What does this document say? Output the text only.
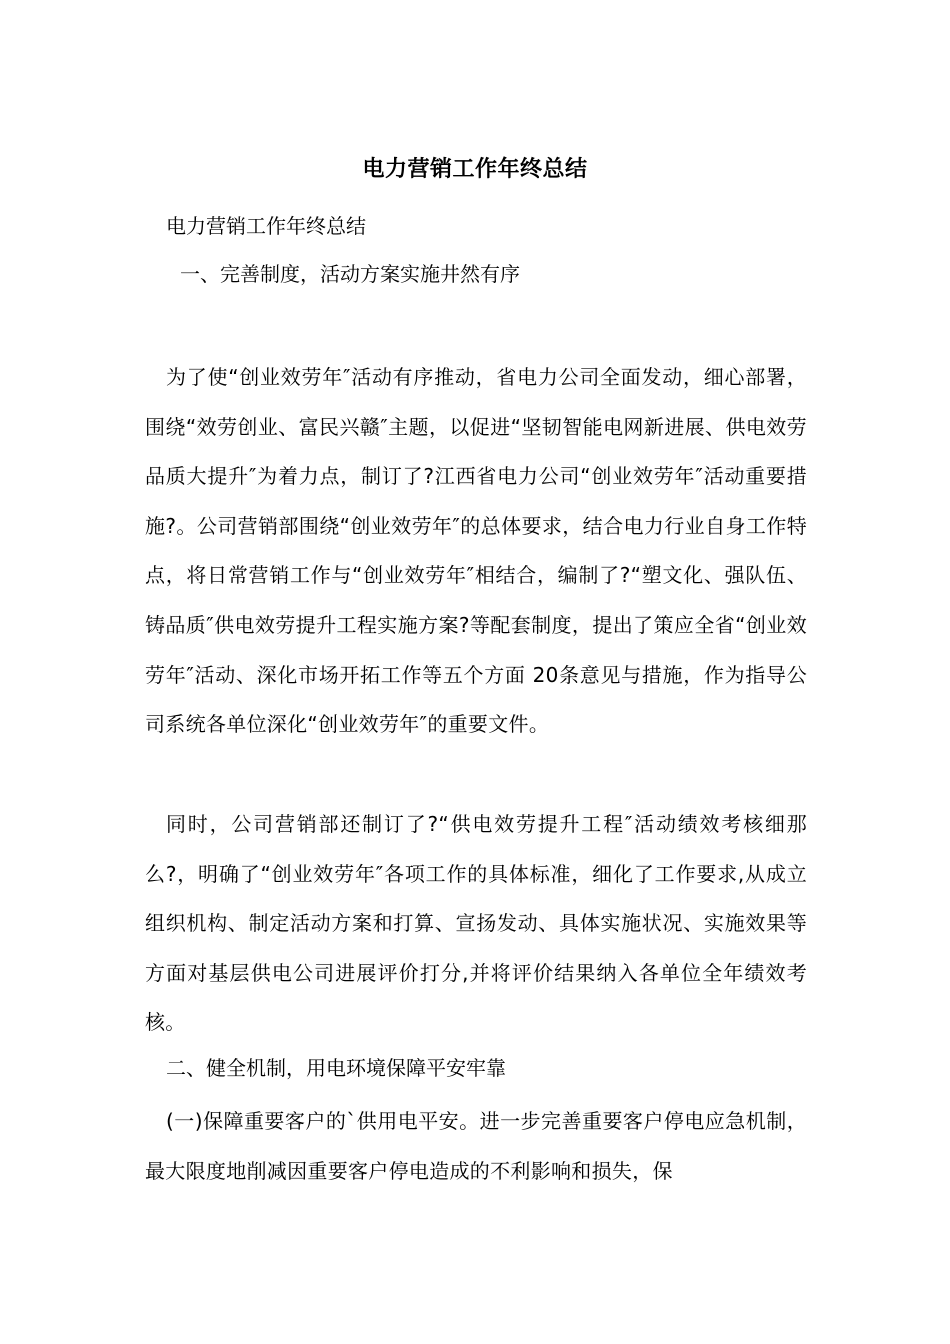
电力营销工作年终总结
电力营销工作年终总结
一、完善制度，活动方案实施井然有序
为了使“创业效劳年″活动有序推动，省电力公司全面发动，细心部署，围绕“效劳创业、富民兴赣″主题，以促进“坚韧智能电网新进展、供电效劳品质大提升″为着力点，制订了?江西省电力公司“创业效劳年″活动重要措施?。公司营销部围绕“创业效劳年″的总体要求，结合电力行业自身工作特点，将日常营销工作与“创业效劳年″相结合，编制了?“塑文化、强队伍、铸品质″供电效劳提升工程实施方案?等配套制度，提出了策应全省“创业效劳年″活动、深化市场开拓工作等五个方面 20条意见与措施，作为指导公司系统各单位深化“创业效劳年″的重要文件。
同时，公司营销部还制订了?“供电效劳提升工程″活动绩效考核细那么?，明确了“创业效劳年″各项工作的具体标准，细化了工作要求,从成立组织机构、制定活动方案和打算、宣扬发动、具体实施状况、实施效果等方面对基层供电公司进展评价打分,并将评价结果纳入各单位全年绩效考核。
二、健全机制，用电环境保障平安牢靠
(一)保障重要客户的`供用电平安。进一步完善重要客户停电应急机制，最大限度地削减因重要客户停电造成的不利影响和损失，保
